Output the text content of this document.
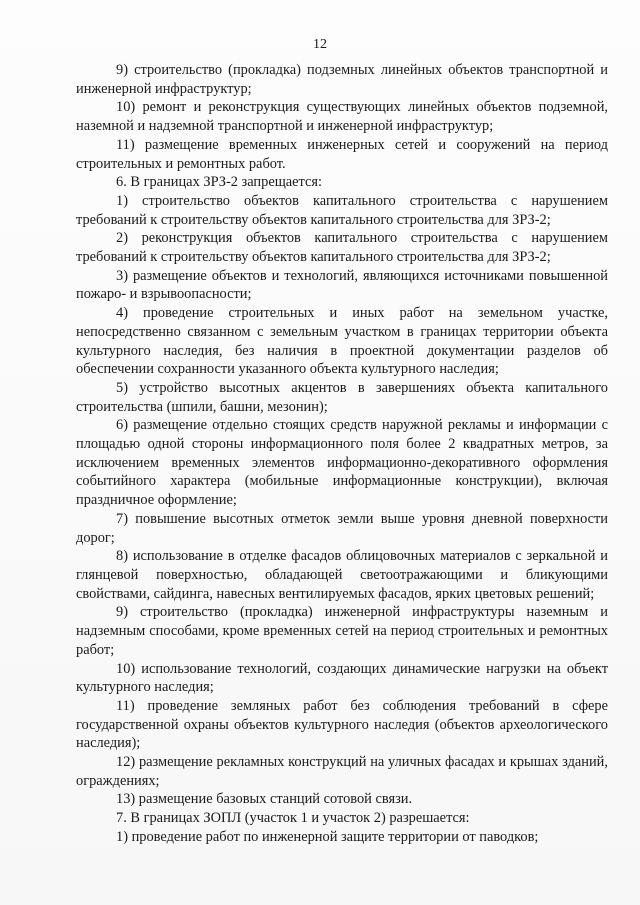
12

9) строительство (прокладка) подземных линейных объектов транспортной и инженерной инфраструктур;

10) ремонт и реконструкция существующих линейных объектов подземной, наземной и надземной транспортной и инженерной инфраструктур;

11) размещение временных инженерных сетей и сооружений на период строительных и ремонтных работ.

6. В границах ЗРЗ-2 запрещается:

1) строительство объектов капитального строительства с нарушением требований к строительству объектов капитального строительства для ЗРЗ-2;

2) реконструкция объектов капитального строительства с нарушением требований к строительству объектов капитального строительства для ЗРЗ-2;

3) размещение объектов и технологий, являющихся источниками повышенной пожаро- и взрывоопасности;

4) проведение строительных и иных работ на земельном участке, непосредственно связанном с земельным участком в границах территории объекта культурного наследия, без наличия в проектной документации разделов об обеспечении сохранности указанного объекта культурного наследия;

5) устройство высотных акцентов в завершениях объекта капитального строительства (шпили, башни, мезонин);

6) размещение отдельно стоящих средств наружной рекламы и информации с площадью одной стороны информационного поля более 2 квадратных метров, за исключением временных элементов информационно-декоративного оформления событийного характера (мобильные информационные конструкции), включая праздничное оформление;

7) повышение высотных отметок земли выше уровня дневной поверхности дорог;

8) использование в отделке фасадов облицовочных материалов с зеркальной и глянцевой поверхностью, обладающей светоотражающими и бликующими свойствами, сайдинга, навесных вентилируемых фасадов, ярких цветовых решений;

9) строительство (прокладка) инженерной инфраструктуры наземным и надземным способами, кроме временных сетей на период строительных и ремонтных работ;

10) использование технологий, создающих динамические нагрузки на объект культурного наследия;

11) проведение земляных работ без соблюдения требований в сфере государственной охраны объектов культурного наследия (объектов археологического наследия);

12) размещение рекламных конструкций на уличных фасадах и крышах зданий, ограждениях;

13) размещение базовых станций сотовой связи.

7. В границах ЗОПЛ (участок 1 и участок 2) разрешается:

1) проведение работ по инженерной защите территории от паводков;
